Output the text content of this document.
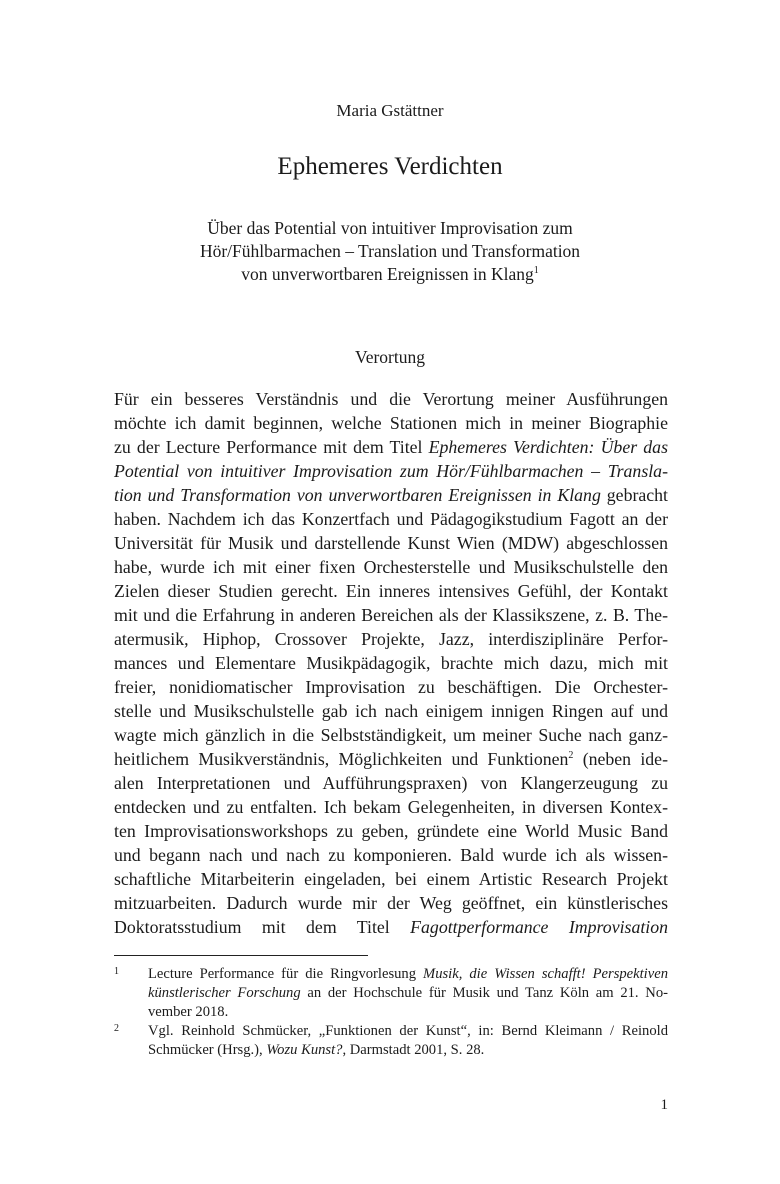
Maria Gstättner
Ephemeres Verdichten
Über das Potential von intuitiver Improvisation zum
Hör/Fühlbarmachen – Translation und Transformation
von unverwortbaren Ereignissen in Klang$^1$
Verortung
Für ein besseres Verständnis und die Verortung meiner Ausführungen
möchte ich damit beginnen, welche Stationen mich in meiner Biographie
zu der Lecture Performance mit dem Titel Ephemeres Verdichten: Über das
Potential von intuitiver Improvisation zum Hör/Fühlbarmachen – Transla-
tion und Transformation von unverwortbaren Ereignissen in Klang gebracht
haben. Nachdem ich das Konzertfach und Pädagogikstudium Fagott an der
Universität für Musik und darstellende Kunst Wien (MDW) abgeschlossen
habe, wurde ich mit einer fixen Orchesterstelle und Musikschulstelle den
Zielen dieser Studien gerecht. Ein inneres intensives Gefühl, der Kontakt
mit und die Erfahrung in anderen Bereichen als der Klassikszene, z. B. The-
atermusik, Hiphop, Crossover Projekte, Jazz, interdisziplinäre Perfor-
mances und Elementare Musikpädagogik, brachte mich dazu, mich mit
freier, nonidiomatischer Improvisation zu beschäftigen. Die Orchester-
stelle und Musikschulstelle gab ich nach einigem innigen Ringen auf und
wagte mich gänzlich in die Selbstständigkeit, um meiner Suche nach ganz-
heitlichem Musikverständnis, Möglichkeiten und Funktionen$^2$ (neben ide-
alen Interpretationen und Aufführungspraxen) von Klangerzeugung zu
entdecken und zu entfalten. Ich bekam Gelegenheiten, in diversen Kontex-
ten Improvisationsworkshops zu geben, gründete eine World Music Band
und begann nach und nach zu komponieren. Bald wurde ich als wissen-
schaftliche Mitarbeiterin eingeladen, bei einem Artistic Research Projekt
mitzuarbeiten. Dadurch wurde mir der Weg geöffnet, ein künstlerisches
Doktoratsstudium mit dem Titel Fagottperformance Improvisation
1 Lecture Performance für die Ringvorlesung Musik, die Wissen schafft! Perspektiven
künstlerischer Forschung an der Hochschule für Musik und Tanz Köln am 21. No-
vember 2018.
2 Vgl. Reinhold Schmücker, „Funktionen der Kunst“, in: Bernd Kleimann / Reinold
Schmücker (Hrsg.), Wozu Kunst?, Darmstadt 2001, S. 28.
1
